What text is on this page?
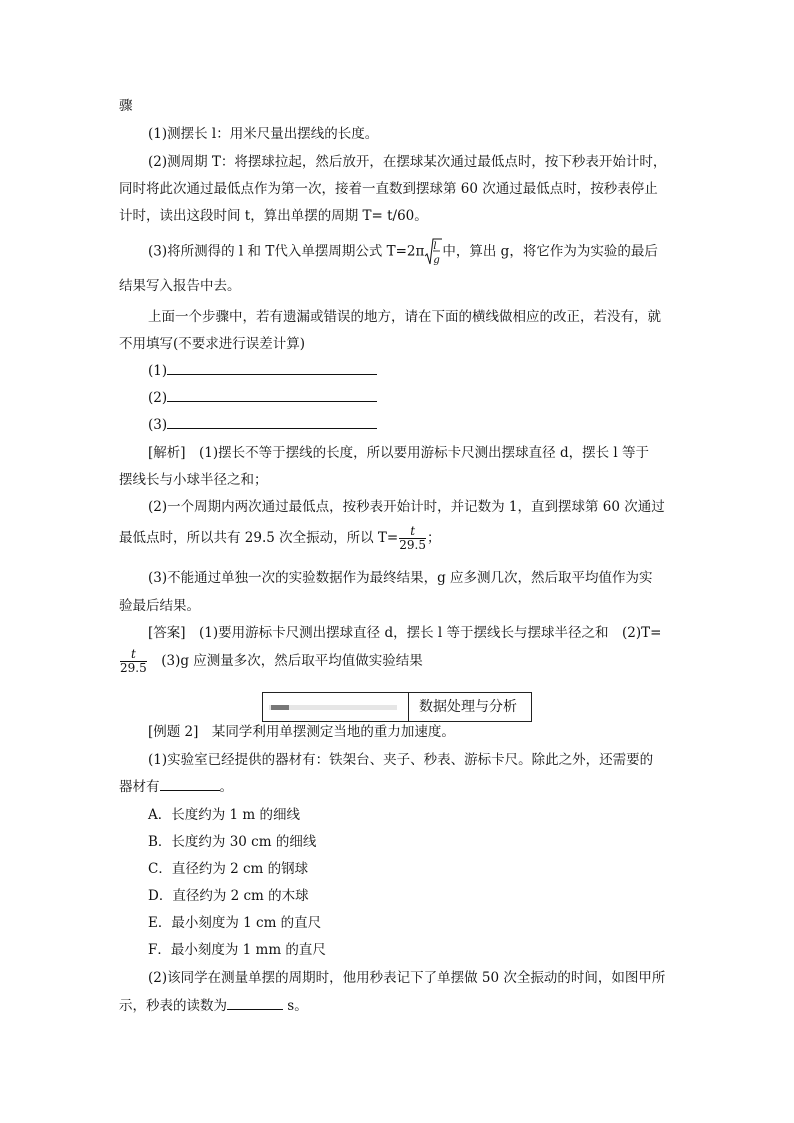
骤
(1)测摆长 l：用米尺量出摆线的长度。
(2)测周期 T：将摆球拉起，然后放开，在摆球某次通过最低点时，按下秒表开始计时，
同时将此次通过最低点作为第一次，接着一直数到摆球第 60 次通过最低点时，按秒表停止
计时，读出这段时间 t，算出单摆的周期 T= t/60。
(3)将所测得的 l 和 T代入单摆周期公式 T=2π l
g
中，算出 g，将它作为为实验的最后
结果写入报告中去。
上面一个步骤中，若有遗漏或错误的地方，请在下面的横线做相应的改正，若没有，就
不用填写(不要求进行误差计算)
(1)
(2)
(3)
[解析]　(1)摆长不等于摆线的长度，所以要用游标卡尺测出摆球直径 d，摆长 l 等于
摆线长与小球半径之和；
(2)一个周期内两次通过最低点，按秒表开始计时，并记数为 1，直到摆球第 60 次通过
最低点时，所以共有 29.5 次全振动，所以 $T= \frac{t}{29.5}$ ；
(3)不能通过单独一次的实验数据作为最终结果，g 应多测几次，然后取平均值作为实
验最后结果。
[答案]　(1)要用游标卡尺测出摆球直径 d，摆长 l 等于摆线长与摆球半径之和　(2)T=
$\frac{t}{29.5}$ 　(3)g 应测量多次，然后取平均值做实验结果
数据处理与分析
[例题 2]　某同学利用单摆测定当地的重力加速度。
(1)实验室已经提供的器材有：铁架台、夹子、秒表、游标卡尺。除此之外，还需要的
器材有	。
A．长度约为 1 m 的细线
B．长度约为 30 cm 的细线
C．直径约为 2 cm 的钢球
D．直径约为 2 cm 的木球
E．最小刻度为 1 cm 的直尺
F．最小刻度为 1 mm 的直尺
(2)该同学在测量单摆的周期时，他用秒表记下了单摆做 50 次全振动的时间，如图甲所
示，秒表的读数为	s。
